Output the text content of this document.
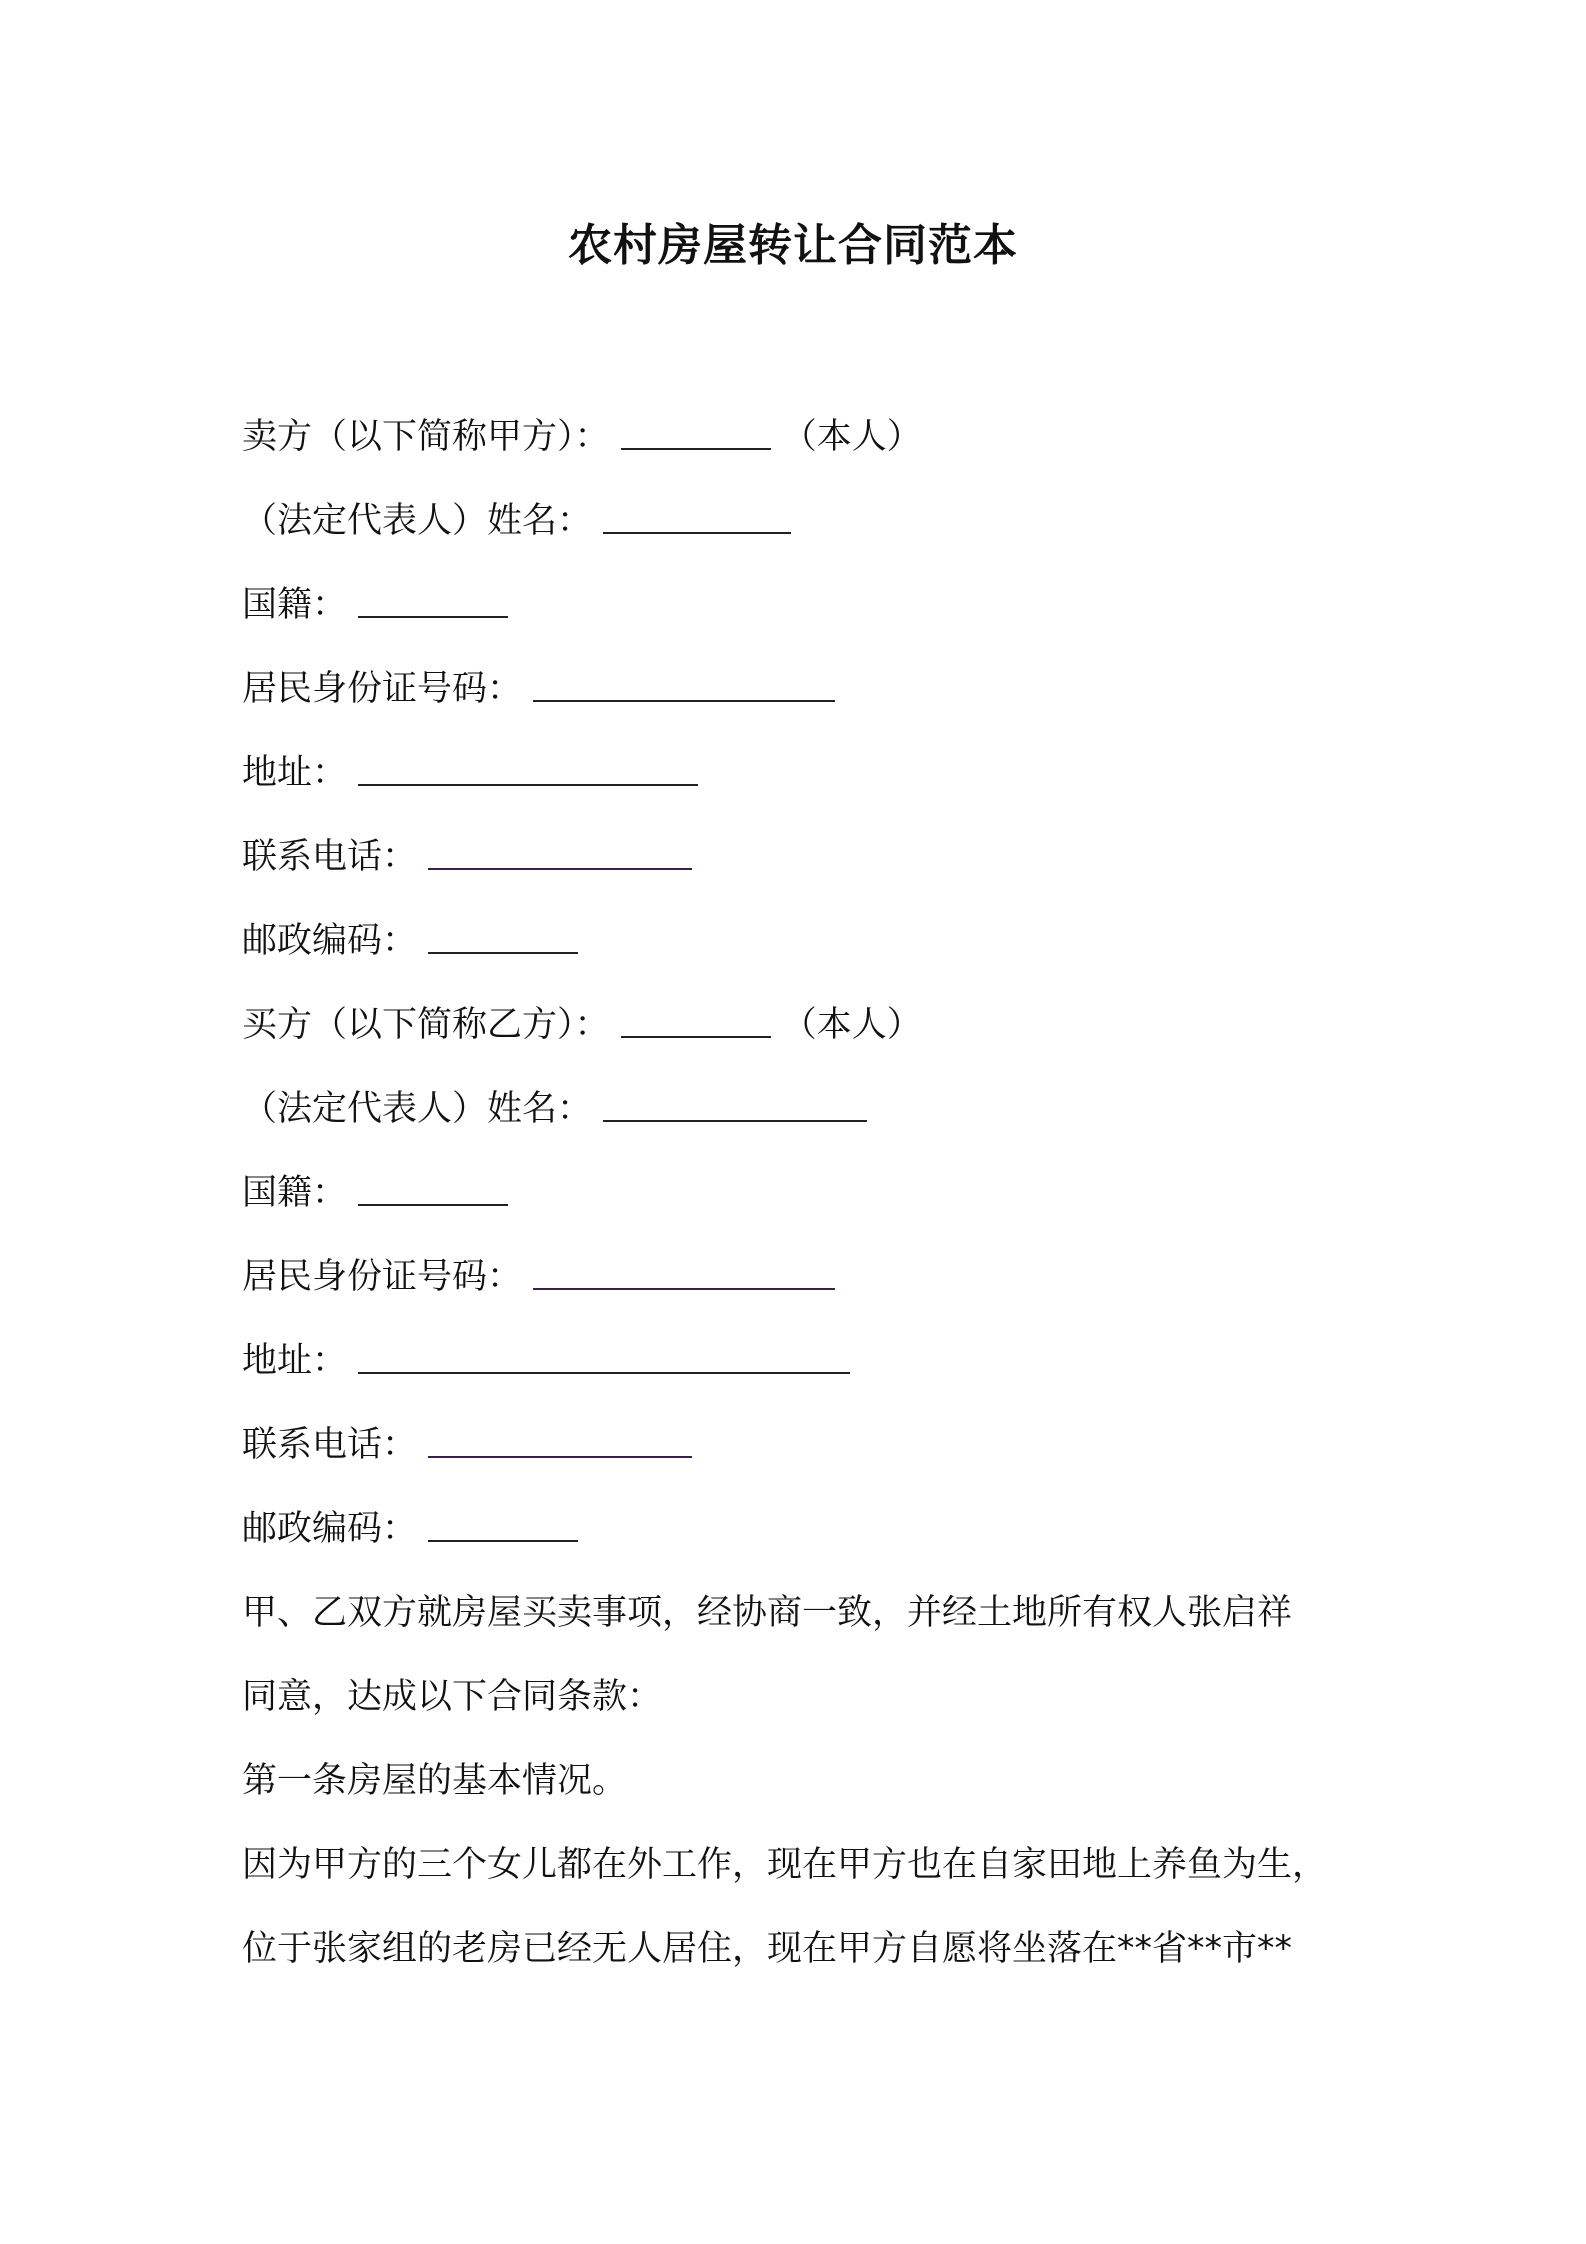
农村房屋转让合同范本
卖方（以下简称甲方）：	（本人）
（法定代表人）姓名：
国籍：
居民身份证号码：
地址：
联系电话：
邮政编码：
买方（以下简称乙方）：	（本人）
（法定代表人）姓名：
国籍：
居民身份证号码：
地址：
联系电话：
邮政编码：
甲、乙双方就房屋买卖事项，经协商一致，并经土地所有权人张启祥
同意，达成以下合同条款：
第一条房屋的基本情况。
因为甲方的三个女儿都在外工作，现在甲方也在自家田地上养鱼为生，
位于张家组的老房已经无人居住，现在甲方自愿将坐落在**省**市**
